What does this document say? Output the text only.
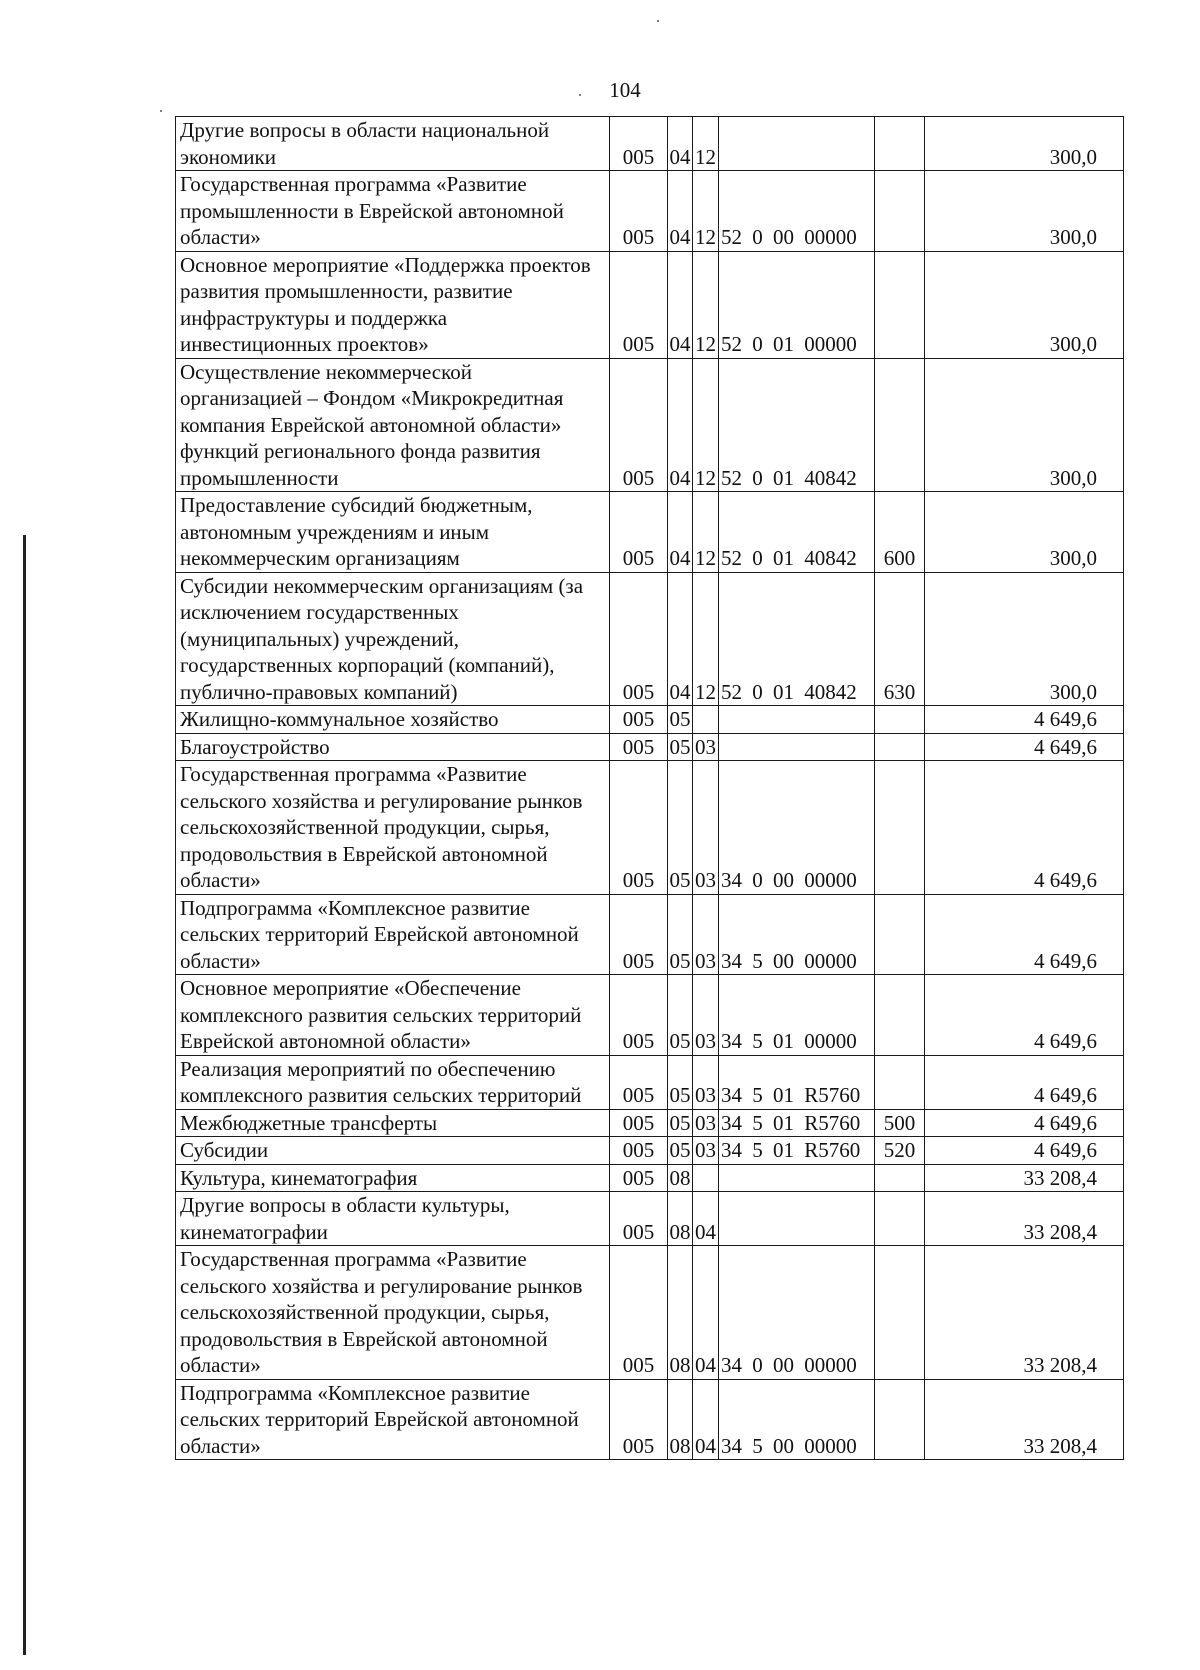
104
Другие вопросы в области национальной экономики	005	04	12			300,0
Государственная программа «Развитие промышленности в Еврейской автономной области»	005	04	12	52 0 00 00000		300,0
Основное мероприятие «Поддержка проектов развития промышленности, развитие инфраструктуры и поддержка инвестиционных проектов»	005	04	12	52 0 01 00000		300,0
Осуществление некоммерческой организацией – Фондом «Микрокредитная компания Еврейской автономной области» функций регионального фонда развития промышленности	005	04	12	52 0 01 40842		300,0
Предоставление субсидий бюджетным, автономным учреждениям и иным некоммерческим организациям	005	04	12	52 0 01 40842	600	300,0
Субсидии некоммерческим организациям (за исключением государственных (муниципальных) учреждений, государственных корпораций (компаний), публично-правовых компаний)	005	04	12	52 0 01 40842	630	300,0
Жилищно-коммунальное хозяйство	005	05				4 649,6
Благоустройство	005	05	03			4 649,6
Государственная программа «Развитие сельского хозяйства и регулирование рынков сельскохозяйственной продукции, сырья, продовольствия в Еврейской автономной области»	005	05	03	34 0 00 00000		4 649,6
Подпрограмма «Комплексное развитие сельских территорий Еврейской автономной области»	005	05	03	34 5 00 00000		4 649,6
Основное мероприятие «Обеспечение комплексного развития сельских территорий Еврейской автономной области»	005	05	03	34 5 01 00000		4 649,6
Реализация мероприятий по обеспечению комплексного развития сельских территорий	005	05	03	34 5 01 R5760		4 649,6
Межбюджетные трансферты	005	05	03	34 5 01 R5760	500	4 649,6
Субсидии	005	05	03	34 5 01 R5760	520	4 649,6
Культура, кинематография	005	08				33 208,4
Другие вопросы в области культуры, кинематографии	005	08	04			33 208,4
Государственная программа «Развитие сельского хозяйства и регулирование рынков сельскохозяйственной продукции, сырья, продовольствия в Еврейской автономной области»	005	08	04	34 0 00 00000		33 208,4
Подпрограмма «Комплексное развитие сельских территорий Еврейской автономной области»	005	08	04	34 5 00 00000		33 208,4
